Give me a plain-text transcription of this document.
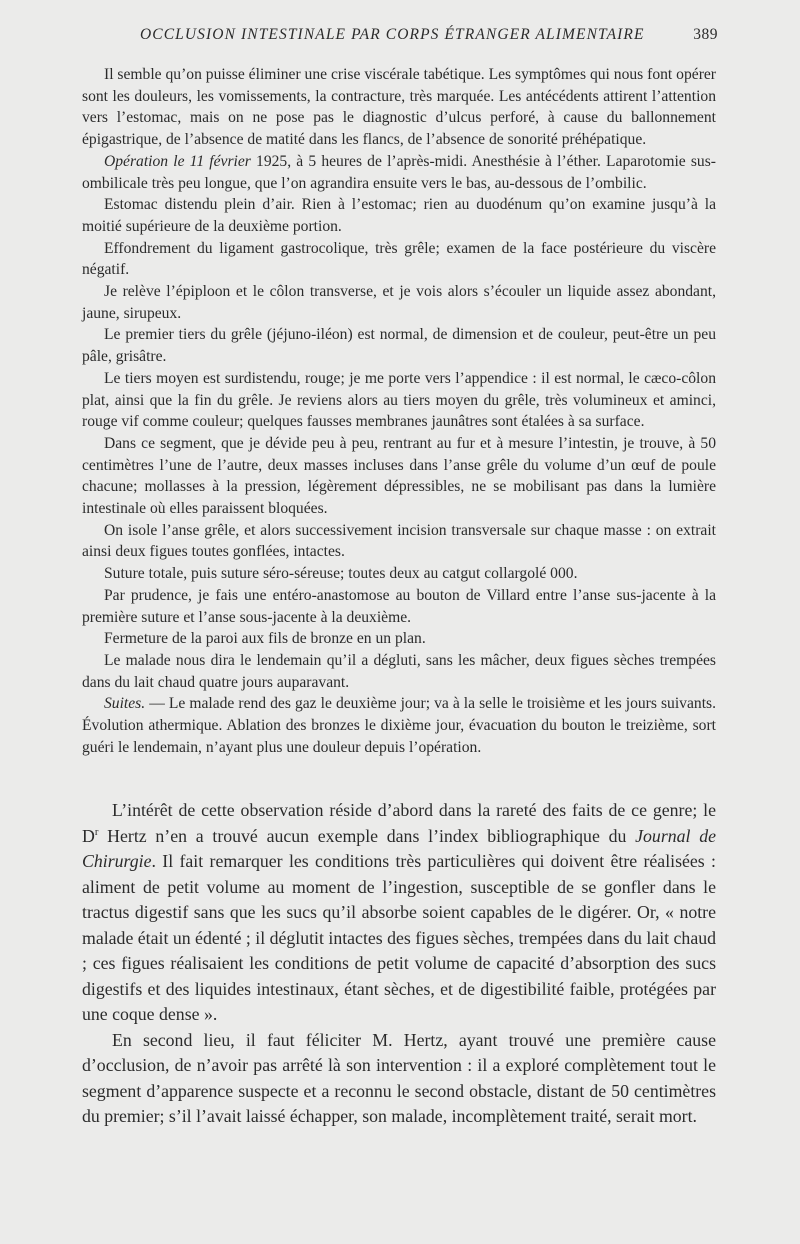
OCCLUSION INTESTINALE PAR CORPS ÉTRANGER ALIMENTAIRE	389

Il semble qu’on puisse éliminer une crise viscérale tabétique. Les symptômes qui nous font opérer sont les douleurs, les vomissements, la contracture, très marquée. Les antécédents attirent l’attention vers l’estomac, mais on ne pose pas le diagnostic d’ulcus perforé, à cause du ballonnement épigastrique, de l’absence de matité dans les flancs, de l’absence de sonorité préhépatique.

Opération le 11 février 1925, à 5 heures de l’après-midi. Anesthésie à l’éther. Laparotomie sus-ombilicale très peu longue, que l’on agrandira ensuite vers le bas, au-dessous de l’ombilic.

Estomac distendu plein d’air. Rien à l’estomac; rien au duodénum qu’on examine jusqu’à la moitié supérieure de la deuxième portion.

Effondrement du ligament gastrocolique, très grêle; examen de la face postérieure du viscère négatif.

Je relève l’épiploon et le côlon transverse, et je vois alors s’écouler un liquide assez abondant, jaune, sirupeux.

Le premier tiers du grêle (jéjuno-iléon) est normal, de dimension et de couleur, peut-être un peu pâle, grisâtre.

Le tiers moyen est surdistendu, rouge; je me porte vers l’appendice : il est normal, le cæco-côlon plat, ainsi que la fin du grêle. Je reviens alors au tiers moyen du grêle, très volumineux et aminci, rouge vif comme couleur; quelques fausses membranes jaunâtres sont étalées à sa surface.

Dans ce segment, que je dévide peu à peu, rentrant au fur et à mesure l’intestin, je trouve, à 50 centimètres l’une de l’autre, deux masses incluses dans l’anse grêle du volume d’un œuf de poule chacune; mollasses à la pression, légèrement dépressibles, ne se mobilisant pas dans la lumière intestinale où elles paraissent bloquées.

On isole l’anse grêle, et alors successivement incision transversale sur chaque masse : on extrait ainsi deux figues toutes gonflées, intactes.

Suture totale, puis suture séro-séreuse; toutes deux au catgut collargolé 000.

Par prudence, je fais une entéro-anastomose au bouton de Villard entre l’anse sus-jacente à la première suture et l’anse sous-jacente à la deuxième.

Fermeture de la paroi aux fils de bronze en un plan.

Le malade nous dira le lendemain qu’il a dégluti, sans les mâcher, deux figues sèches trempées dans du lait chaud quatre jours auparavant.

Suites. — Le malade rend des gaz le deuxième jour; va à la selle le troisième et les jours suivants. Évolution athermique. Ablation des bronzes le dixième jour, évacuation du bouton le treizième, sort guéri le lendemain, n’ayant plus une douleur depuis l’opération.

L’intérêt de cette observation réside d’abord dans la rareté des faits de ce genre; le $D^r$ Hertz n’en a trouvé aucun exemple dans l’index bibliographique du Journal de Chirurgie. Il fait remarquer les conditions très particulières qui doivent être réalisées : aliment de petit volume au moment de l’ingestion, susceptible de se gonfler dans le tractus digestif sans que les sucs qu’il absorbe soient capables de le digérer. Or, « notre malade était un édenté ; il déglutit intactes des figues sèches, trempées dans du lait chaud ; ces figues réalisaient les conditions de petit volume de capacité d’absorption des sucs digestifs et des liquides intestinaux, étant sèches, et de digestibilité faible, protégées par une coque dense ».

En second lieu, il faut féliciter M. Hertz, ayant trouvé une première cause d’occlusion, de n’avoir pas arrêté là son intervention : il a exploré complètement tout le segment d’apparence suspecte et a reconnu le second obstacle, distant de 50 centimètres du premier; s’il l’avait laissé échapper, son malade, incomplètement traité, serait mort.
